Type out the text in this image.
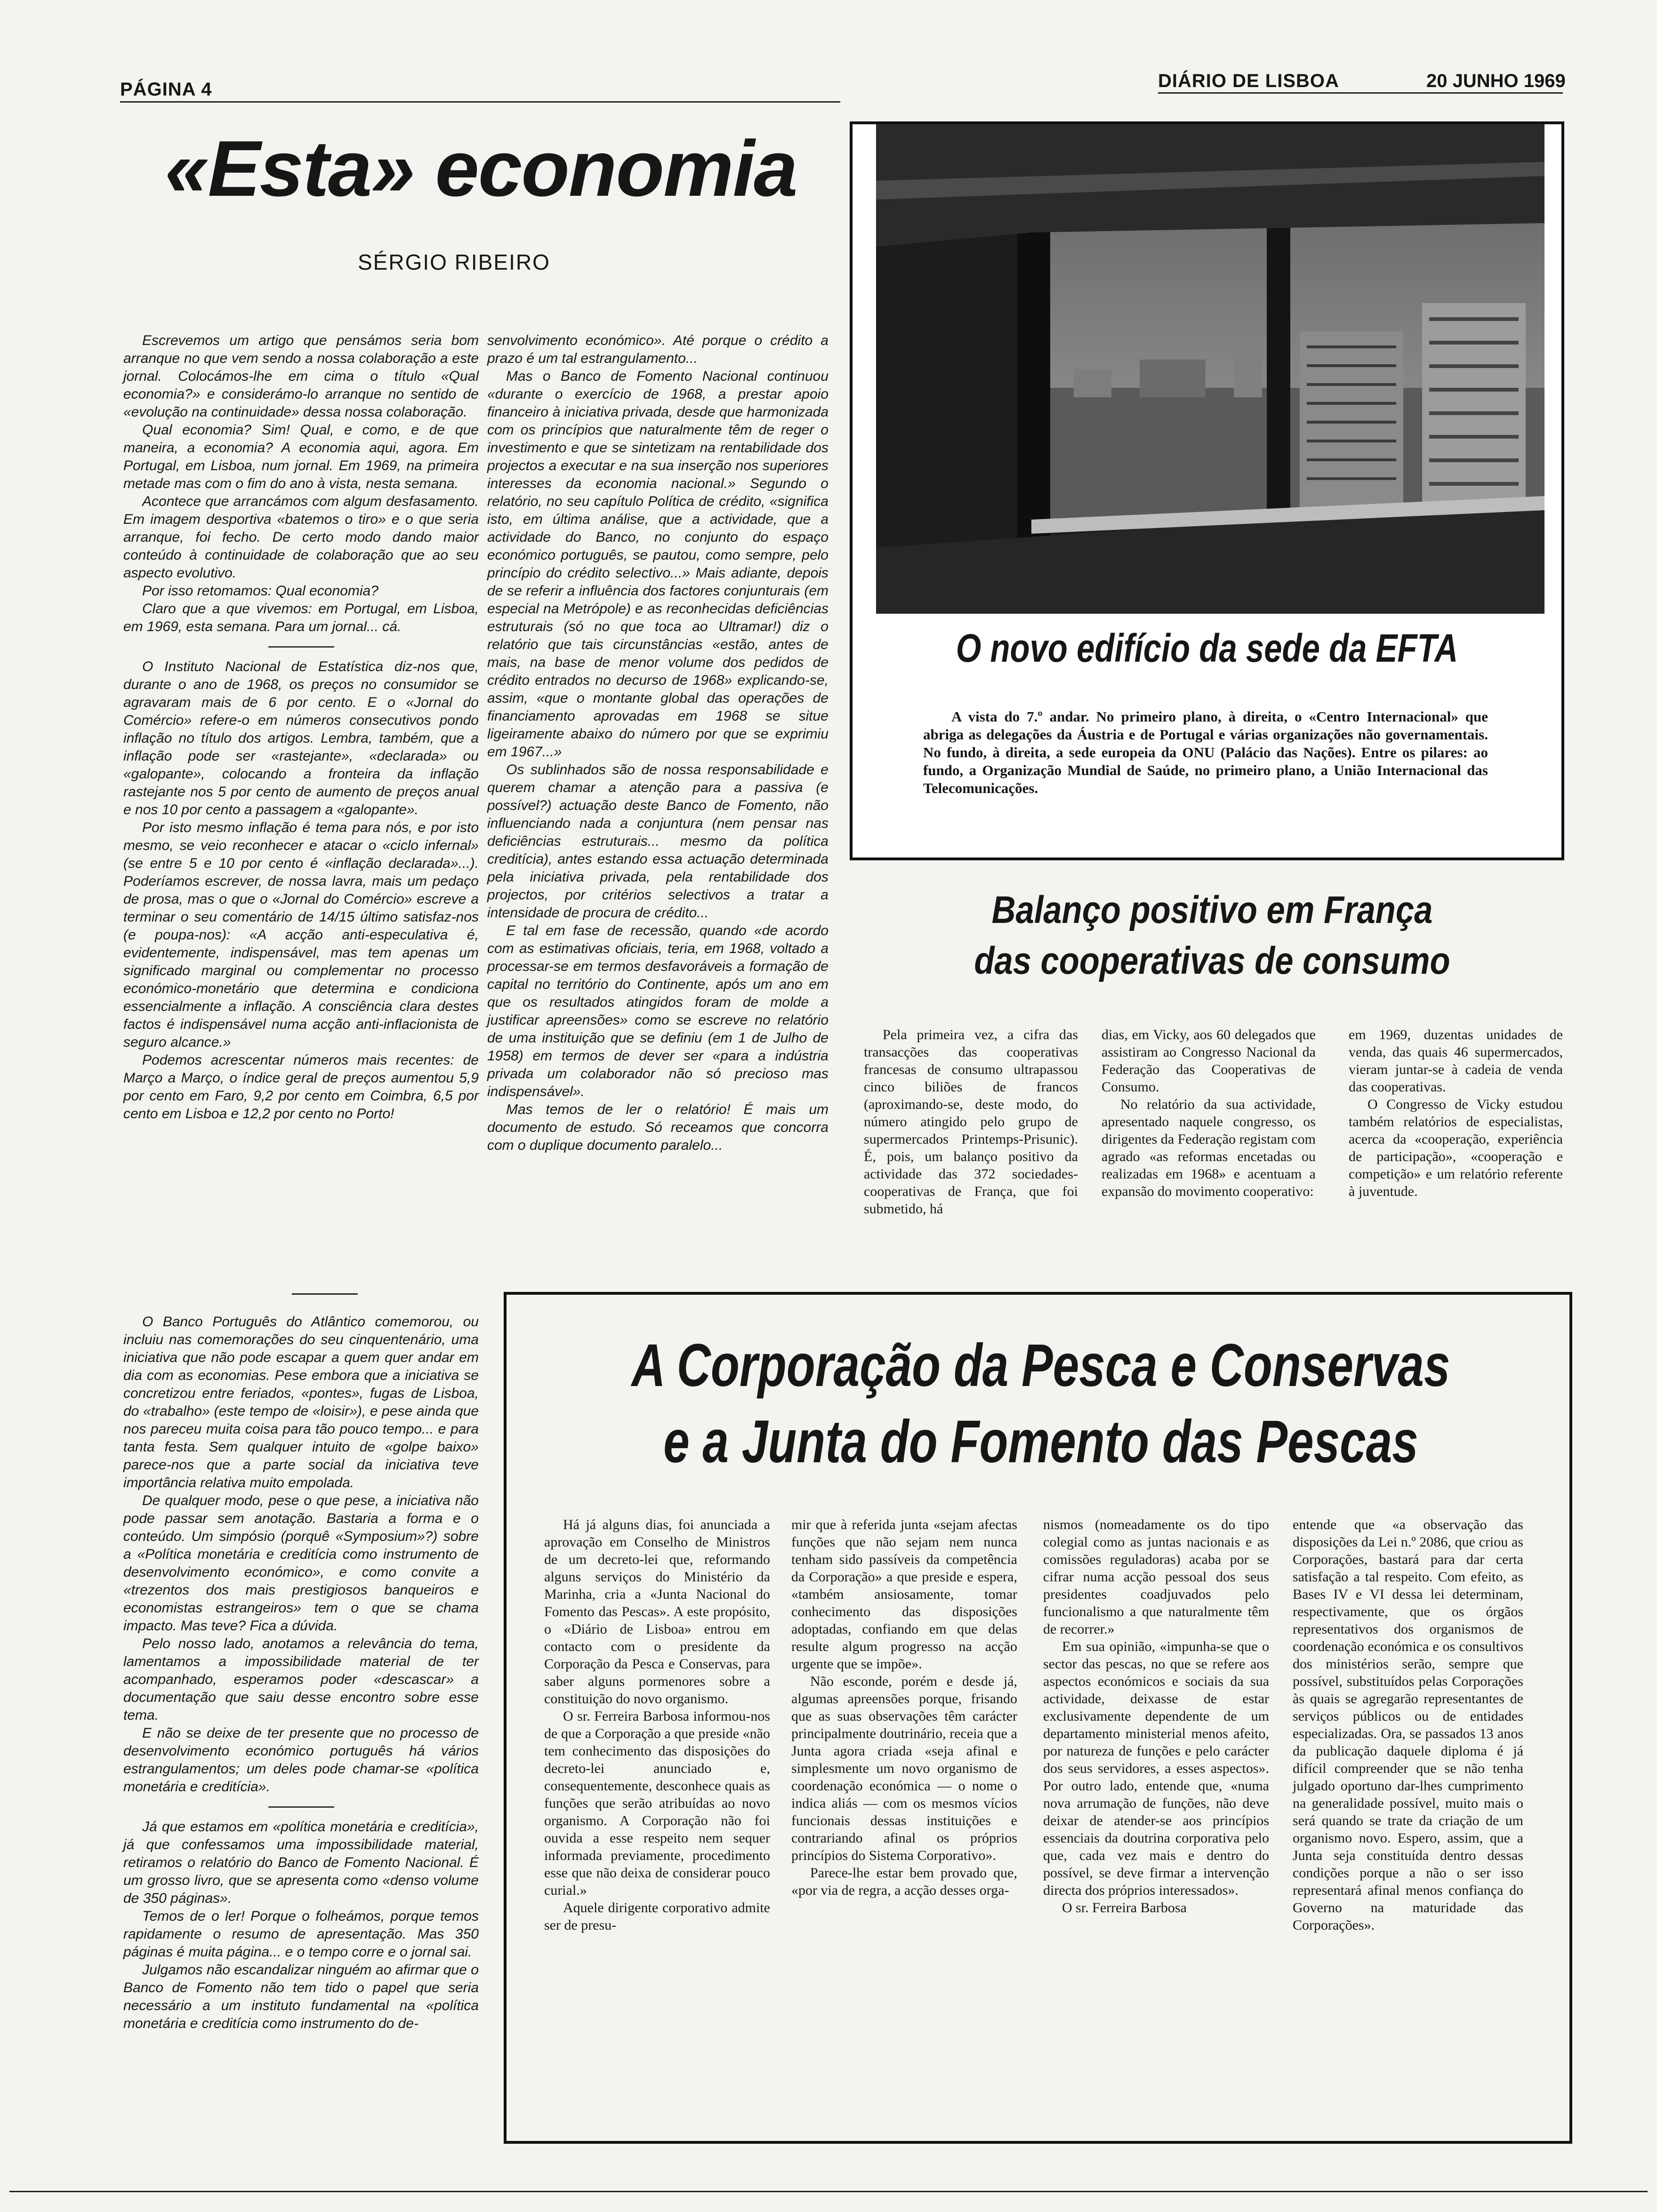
PÁGINA 4	DIÁRIO DE LISBOA	20 JUNHO 1969
«Esta» economia
SÉRGIO RIBEIRO

Escrevemos um artigo que pensámos seria bom arranque no que vem sendo a nossa colaboração a este jornal. Colocámos-lhe em cima o título «Qual economia?» e considerámo-lo arranque no sentido de «evolução na continuidade» dessa nossa colaboração.

Qual economia? Sim! Qual, e como, e de que maneira, a economia? A economia aqui, agora. Em Portugal, em Lisboa, num jornal. Em 1969, na primeira metade mas com o fim do ano à vista, nesta semana.

Acontece que arrancámos com algum desfasamento. Em imagem desportiva «batemos o tiro» e o que seria arranque, foi fecho. De certo modo dando maior conteúdo à continuidade de colaboração que ao seu aspecto evolutivo.

Por isso retomamos: Qual economia?

Claro que a que vivemos: em Portugal, em Lisboa, em 1969, esta semana. Para um jornal... cá.

O Instituto Nacional de Estatística diz-nos que, durante o ano de 1968, os preços no consumidor se agravaram mais de 6 por cento. E o «Jornal do Comércio» refere-o em números consecutivos pondo inflação no título dos artigos. Lembra, também, que a inflação pode ser «rastejante», «declarada» ou «galopante», colocando a fronteira da inflação rastejante nos 5 por cento de aumento de preços anual e nos 10 por cento a passagem a «galopante».

Por isto mesmo inflação é tema para nós, e por isto mesmo, se veio reconhecer e atacar o «ciclo infernal» (se entre 5 e 10 por cento é «inflação declarada»...). Poderíamos escrever, de nossa lavra, mais um pedaço de prosa, mas o que o «Jornal do Comércio» escreve a terminar o seu comentário de 14/15 último satisfaz-nos (e poupa-nos): «A acção anti-especulativa é, evidentemente, indispensável, mas tem apenas um significado marginal ou complementar no processo económico-monetário que determina e condiciona essencialmente a inflação. A consciência clara destes factos é indispensável numa acção anti-inflacionista de seguro alcance.»

Podemos acrescentar números mais recentes: de Março a Março, o índice geral de preços aumentou 5,9 por cento em Faro, 9,2 por cento em Coimbra, 6,5 por cento em Lisboa e 12,2 por cento no Porto!

senvolvimento económico». Até porque o crédito a prazo é um tal estrangulamento...

Mas o Banco de Fomento Nacional continuou «durante o exercício de 1968, a prestar apoio financeiro à iniciativa privada, desde que harmonizada com os princípios que naturalmente têm de reger o investimento e que se sintetizam na rentabilidade dos projectos a executar e na sua inserção nos superiores interesses da economia nacional.» Segundo o relatório, no seu capítulo Política de crédito, «significa isto, em última análise, que a actividade, que a actividade do Banco, no conjunto do espaço económico português, se pautou, como sempre, pelo princípio do crédito selectivo...» Mais adiante, depois de se referir a influência dos factores conjunturais (em especial na Metrópole) e as reconhecidas deficiências estruturais (só no que toca ao Ultramar!) diz o relatório que tais circunstâncias «estão, antes de mais, na base de menor volume dos pedidos de crédito entrados no decurso de 1968» explicando-se, assim, «que o montante global das operações de financiamento aprovadas em 1968 se situe ligeiramente abaixo do número por que se exprimiu em 1967...»

Os sublinhados são de nossa responsabilidade e querem chamar a atenção para a passiva (e possível?) actuação deste Banco de Fomento, não influenciando nada a conjuntura (nem pensar nas deficiências estruturais... mesmo da política creditícia), antes estando essa actuação determinada pela iniciativa privada, pela rentabilidade dos projectos, por critérios selectivos a tratar a intensidade de procura de crédito...

E tal em fase de recessão, quando «de acordo com as estimativas oficiais, teria, em 1968, voltado a processar-se em termos desfavoráveis a formação de capital no território do Continente, após um ano em que os resultados atingidos foram de molde a justificar apreensões» como se escreve no relatório de uma instituição que se definiu (em 1 de Julho de 1958) em termos de dever ser «para a indústria privada um colaborador não só precioso mas indispensável».

Mas temos de ler o relatório! É mais um documento de estudo. Só receamos que concorra com o duplique documento paralelo...

O Banco Português do Atlântico comemorou, ou incluiu nas comemorações do seu cinquentenário, uma iniciativa que não pode escapar a quem quer andar em dia com as economias. Pese embora que a iniciativa se concretizou entre feriados, «pontes», fugas de Lisboa, do «trabalho» (este tempo de «loisir»), e pese ainda que nos pareceu muita coisa para tão pouco tempo... e para tanta festa. Sem qualquer intuito de «golpe baixo» parece-nos que a parte social da iniciativa teve importância relativa muito empolada.

De qualquer modo, pese o que pese, a iniciativa não pode passar sem anotação. Bastaria a forma e o conteúdo. Um simpósio (porquê «Symposium»?) sobre a «Política monetária e creditícia como instrumento de desenvolvimento económico», e como convite a «trezentos dos mais prestigiosos banqueiros e economistas estrangeiros» tem o que se chama impacto. Mas teve? Fica a dúvida.

Pelo nosso lado, anotamos a relevância do tema, lamentamos a impossibilidade material de ter acompanhado, esperamos poder «descascar» a documentação que saiu desse encontro sobre esse tema.

E não se deixe de ter presente que no processo de desenvolvimento económico português há vários estrangulamentos; um deles pode chamar-se «política monetária e creditícia».

Já que estamos em «política monetária e creditícia», já que confessamos uma impossibilidade material, retiramos o relatório do Banco de Fomento Nacional. É um grosso livro, que se apresenta como «denso volume de 350 páginas».

Temos de o ler! Porque o folheámos, porque temos rapidamente o resumo de apresentação. Mas 350 páginas é muita página... e o tempo corre e o jornal sai.

Julgamos não escandalizar ninguém ao afirmar que o Banco de Fomento não tem tido o papel que seria necessário a um instituto fundamental na «política monetária e creditícia como instrumento do de-

O novo edifício da sede da EFTA
A vista do 7.º andar. No primeiro plano, à direita, o «Centro Internacional» que abriga as delegações da Áustria e de Portugal e várias organizações não governamentais. No fundo, à direita, a sede europeia da ONU (Palácio das Nações). Entre os pilares: ao fundo, a Organização Mundial de Saúde, no primeiro plano, a União Internacional das Telecomunicações.
Balanço positivo em França
das cooperativas de consumo

Pela primeira vez, a cifra das transacções das cooperativas francesas de consumo ultrapassou cinco biliões de francos (aproximando-se, deste modo, do número atingido pelo grupo de supermercados Printemps-Prisunic). É, pois, um balanço positivo da actividade das 372 sociedades-cooperativas de França, que foi submetido, há

dias, em Vicky, aos 60 delegados que assistiram ao Congresso Nacional da Federação das Cooperativas de Consumo.

No relatório da sua actividade, apresentado naquele congresso, os dirigentes da Federação registam com agrado «as reformas encetadas ou realizadas em 1968» e acentuam a expansão do movimento cooperativo:

em 1969, duzentas unidades de venda, das quais 46 supermercados, vieram juntar-se à cadeia de venda das cooperativas.

O Congresso de Vicky estudou também relatórios de especialistas, acerca da «cooperação, experiência de participação», «cooperação e competição» e um relatório referente à juventude.

A Corporação da Pesca e Conservas
e a Junta do Fomento das Pescas

Há já alguns dias, foi anunciada a aprovação em Conselho de Ministros de um decreto-lei que, reformando alguns serviços do Ministério da Marinha, cria a «Junta Nacional do Fomento das Pescas». A este propósito, o «Diário de Lisboa» entrou em contacto com o presidente da Corporação da Pesca e Conservas, para saber alguns pormenores sobre a constituição do novo organismo.

O sr. Ferreira Barbosa informou-nos de que a Corporação a que preside «não tem conhecimento das disposições do decreto-lei anunciado e, consequentemente, desconhece quais as funções que serão atribuídas ao novo organismo. A Corporação não foi ouvida a esse respeito nem sequer informada previamente, procedimento esse que não deixa de considerar pouco curial.»

Aquele dirigente corporativo admite ser de presu-

mir que à referida junta «sejam afectas funções que não sejam nem nunca tenham sido passíveis da competência da Corporação» a que preside e espera, «também ansiosamente, tomar conhecimento das disposições adoptadas, confiando em que delas resulte algum progresso na acção urgente que se impõe».

Não esconde, porém e desde já, algumas apreensões porque, frisando que as suas observações têm carácter principalmente doutrinário, receia que a Junta agora criada «seja afinal e simplesmente um novo organismo de coordenação económica — o nome o indica aliás — com os mesmos vícios funcionais dessas instituições e contrariando afinal os próprios princípios do Sistema Corporativo».

Parece-lhe estar bem provado que, «por via de regra, a acção desses orga-

nismos (nomeadamente os do tipo colegial como as juntas nacionais e as comissões reguladoras) acaba por se cifrar numa acção pessoal dos seus presidentes coadjuvados pelo funcionalismo a que naturalmente têm de recorrer.»

Em sua opinião, «impunha-se que o sector das pescas, no que se refere aos aspectos económicos e sociais da sua actividade, deixasse de estar exclusivamente dependente de um departamento ministerial menos afeito, por natureza de funções e pelo carácter dos seus servidores, a esses aspectos». Por outro lado, entende que, «numa nova arrumação de funções, não deve deixar de atender-se aos princípios essenciais da doutrina corporativa pelo que, cada vez mais e dentro do possível, se deve firmar a intervenção directa dos próprios interessados».

O sr. Ferreira Barbosa

entende que «a observação das disposições da Lei n.º 2086, que criou as Corporações, bastará para dar certa satisfação a tal respeito. Com efeito, as Bases IV e VI dessa lei determinam, respectivamente, que os órgãos representativos dos organismos de coordenação económica e os consultivos dos ministérios serão, sempre que possível, substituídos pelas Corporações às quais se agregarão representantes de serviços públicos ou de entidades especializadas. Ora, se passados 13 anos da publicação daquele diploma é já difícil compreender que se não tenha julgado oportuno dar-lhes cumprimento na generalidade possível, muito mais o será quando se trate da criação de um organismo novo. Espero, assim, que a Junta seja constituída dentro dessas condições porque a não o ser isso representará afinal menos confiança do Governo na maturidade das Corporações».
